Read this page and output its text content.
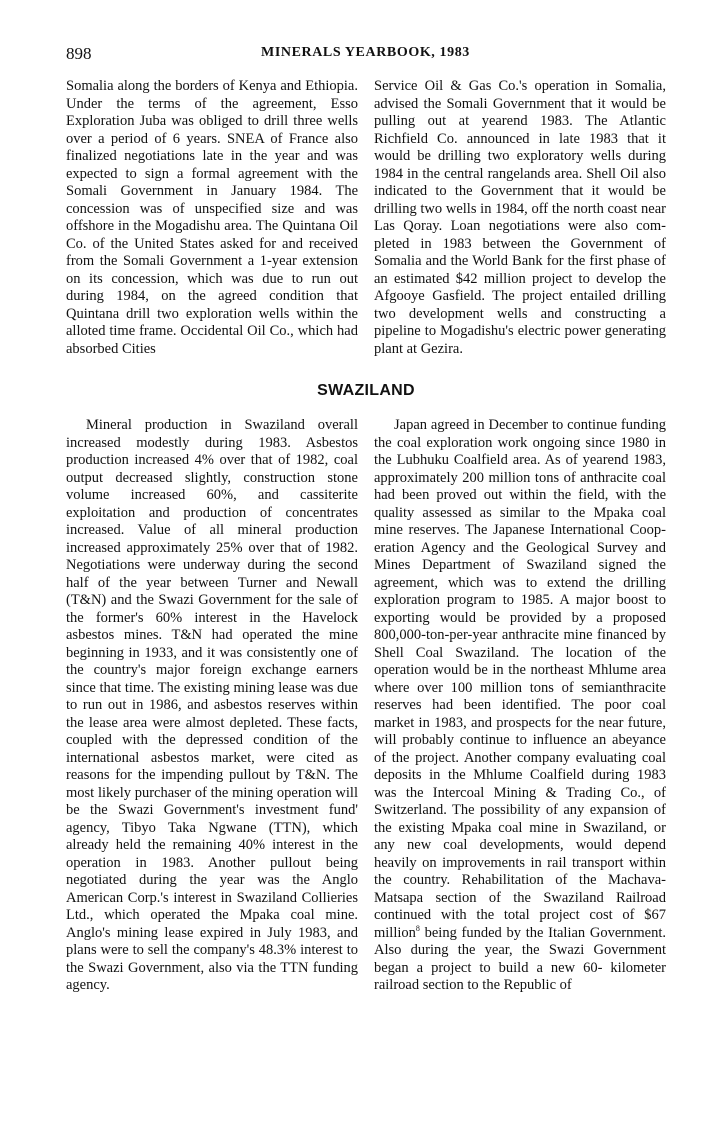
898	MINERALS YEARBOOK, 1983

Somalia along the borders of Kenya and Ethiopia. Under the terms of the agreement, Esso Exploration Juba was obliged to drill three wells over a period of 6 years. SNEA of France also finalized negotiations late in the year and was expected to sign a formal agreement with the Somali Government in January 1984. The concession was of unspecified size and was offshore in the Mogadishu area. The Quintana Oil Co. of the United States asked for and received from the Somali Government a 1-year extension on its concession, which was due to run out during 1984, on the agreed condition that Quintana drill two exploration wells within the alloted time frame. Occidental Oil Co., which had absorbed Cities

Service Oil & Gas Co.'s operation in Somalia, advised the Somali Government that it would be pulling out at yearend 1983. The Atlantic Richfield Co. announced in late 1983 that it would be drilling two exploratory wells during 1984 in the central rangelands area. Shell Oil also indicated to the Government that it would be drilling two wells in 1984, off the north coast near Las Qoray. Loan negotiations were also completed in 1983 between the Government of Somalia and the World Bank for the first phase of an estimated $42 million project to develop the Afgooye Gasfield. The project entailed drilling two development wells and constructing a pipeline to Mogadishu's electric power generating plant at Gezira.

SWAZILAND

Mineral production in Swaziland overall increased modestly during 1983. Asbestos production increased 4% over that of 1982, coal output decreased slightly, construction stone volume increased 60%, and cassiterite exploitation and production of concentrates increased. Value of all mineral production increased approximately 25% over that of 1982. Negotiations were underway during the second half of the year between Turner and Newall (T&N) and the Swazi Government for the sale of the former's 60% interest in the Havelock asbestos mines. T&N had operated the mine beginning in 1933, and it was consistently one of the country's major foreign exchange earners since that time. The existing mining lease was due to run out in 1986, and asbestos reserves within the lease area were almost depleted. These facts, coupled with the depressed condition of the international asbestos market, were cited as reasons for the impending pullout by T&N. The most likely purchaser of the mining operation will be the Swazi Government's investment fund' agency, Tibyo Taka Ngwane (TTN), which already held the remaining 40% interest in the operation in 1983. Another pullout being negotiated during the year was the Anglo American Corp.'s interest in Swaziland Collieries Ltd., which operated the Mpaka coal mine. Anglo's mining lease expired in July 1983, and plans were to sell the company's 48.3% interest to the Swazi Government, also via the TTN funding agency.

Japan agreed in December to continue funding the coal exploration work ongoing since 1980 in the Lubhuku Coalfield area. As of yearend 1983, approximately 200 million tons of anthracite coal had been proved out within the field, with the quality assessed as similar to the Mpaka coal mine reserves. The Japanese International Cooperation Agency and the Geological Survey and Mines Department of Swaziland signed the agreement, which was to extend the drilling exploration program to 1985. A major boost to exporting would be provided by a proposed 800,000-ton-per-year anthracite mine financed by Shell Coal Swaziland. The location of the operation would be in the northeast Mhlume area where over 100 million tons of semianthracite reserves had been identified. The poor coal market in 1983, and prospects for the near future, will probably continue to influence an abeyance of the project. Another company evaluating coal deposits in the Mhlume Coalfield during 1983 was the Intercoal Mining & Trading Co., of Switzerland. The possibility of any expansion of the existing Mpaka coal mine in Swaziland, or any new coal developments, would depend heavily on improvements in rail transport within the country. Rehabilitation of the Machava-Matsapa section of the Swaziland Railroad continued with the total project cost of $67 million$^8$ being funded by the Italian Government. Also during the year, the Swazi Government began a project to build a new 60- kilometer railroad section to the Republic of
